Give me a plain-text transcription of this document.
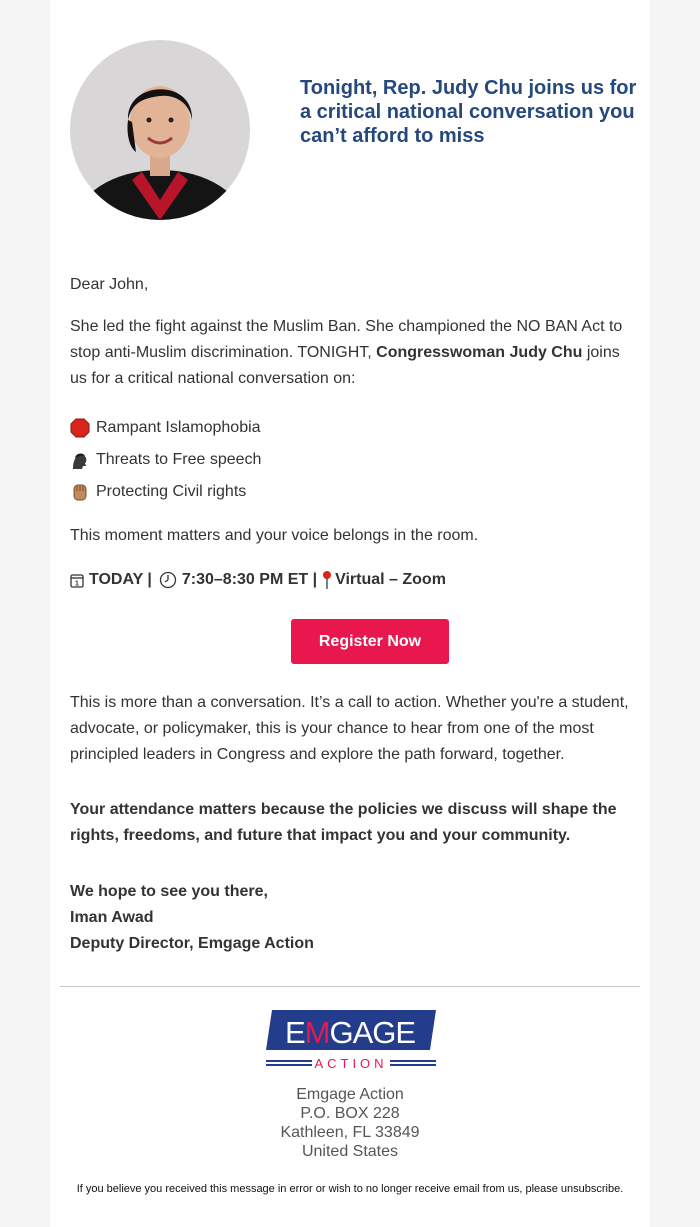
Tonight, Rep. Judy Chu joins us for a critical national conversation you can’t afford to miss
Dear John,

She led the fight against the Muslim Ban. She championed the NO BAN Act to stop anti-Muslim discrimination. TONIGHT, Congresswoman Judy Chu joins us for a critical national conversation on:

Rampant Islamophobia
Threats to Free speech
Protecting Civil rights
This moment matters and your voice belongs in the room.
1 TODAY | 7:30–8:30 PM ET | Virtual – Zoom
Register Now

This is more than a conversation. It’s a call to action. Whether you're a student, advocate, or policymaker, this is your chance to hear from one of the most principled leaders in Congress and explore the path forward, together.

Your attendance matters because the policies we discuss will shape the rights, freedoms, and future that impact you and your community.

We hope to see you there,
Iman Awad
Deputy Director, Emgage Action
EMGAGE
ACTION
Emgage Action
P.O. BOX 228
Kathleen, FL 33849
United States
If you believe you received this message in error or wish to no longer receive email from us, please unsubscribe.
